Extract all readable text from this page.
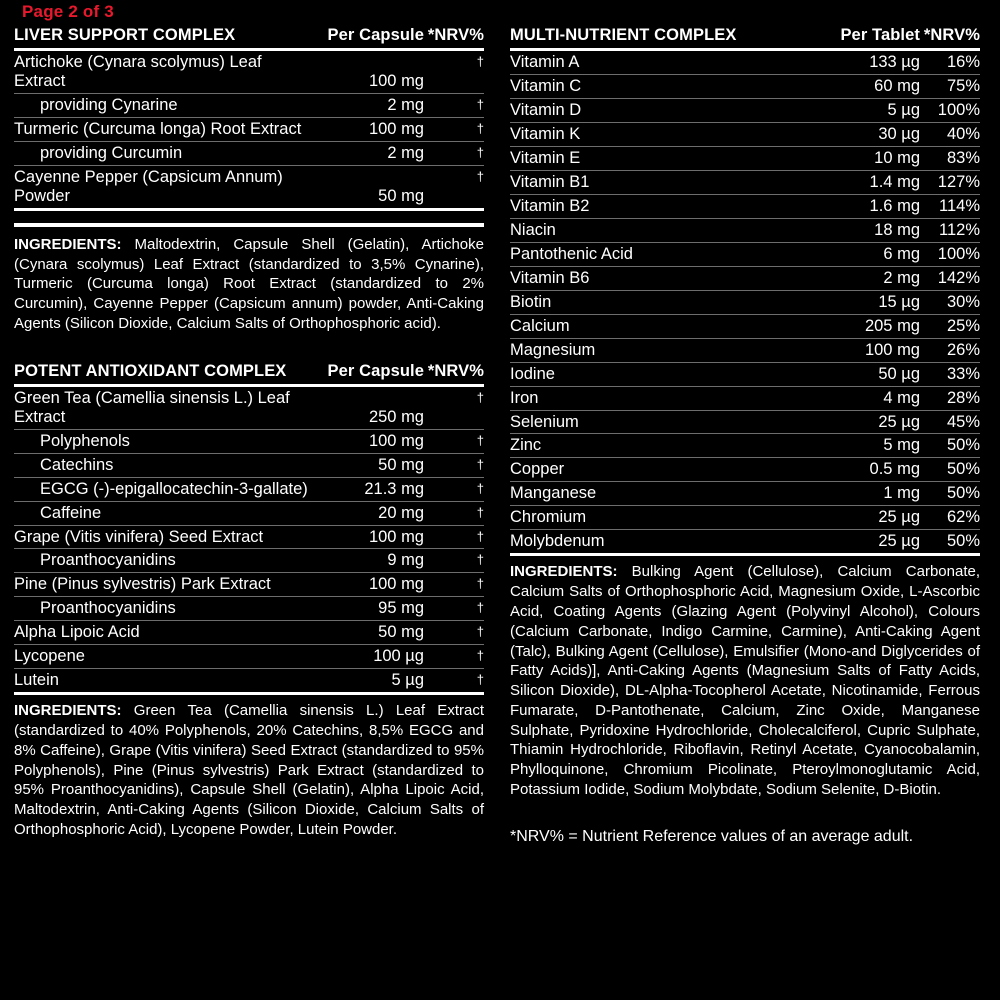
Page 2 of 3
LIVER SUPPORT COMPLEX	Per Capsule	*NRV%
Artichoke (Cynara scolymus) Leaf Extract	100 mg	†
providing Cynarine	2 mg	†
Turmeric (Curcuma longa) Root Extract	100 mg	†
providing Curcumin	2 mg	†
Cayenne Pepper (Capsicum Annum) Powder	50 mg	†

INGREDIENTS: Maltodextrin, Capsule Shell (Gelatin), Artichoke (Cynara scolymus) Leaf Extract (standardized to 3,5% Cynarine), Turmeric (Curcuma longa) Root Extract (standardized to 2% Curcumin), Cayenne Pepper (Capsicum annum) powder, Anti-Caking Agents (Silicon Dioxide, Calcium Salts of Orthophosphoric acid).

POTENT ANTIOXIDANT COMPLEX	Per Capsule	*NRV%
Green Tea (Camellia sinensis L.) Leaf Extract	250 mg	†
Polyphenols	100 mg	†
Catechins	50 mg	†
EGCG (-)-epigallocatechin-3-gallate)	21.3 mg	†
Caffeine	20 mg	†
Grape (Vitis vinifera) Seed Extract	100 mg	†
Proanthocyanidins	9 mg	†
Pine (Pinus sylvestris) Park Extract	100 mg	†
Proanthocyanidins	95 mg	†
Alpha Lipoic Acid	50 mg	†
Lycopene	100 µg	†
Lutein	5 µg	†

INGREDIENTS: Green Tea (Camellia sinensis L.) Leaf Extract (standardized to 40% Polyphenols, 20% Catechins, 8,5% EGCG and 8% Caffeine), Grape (Vitis vinifera) Seed Extract (standardized to 95% Polyphenols), Pine (Pinus sylvestris) Park Extract (standardized to 95% Proanthocyanidins), Capsule Shell (Gelatin), Alpha Lipoic Acid, Maltodextrin, Anti-Caking Agents (Silicon Dioxide, Calcium Salts of Orthophosphoric Acid), Lycopene Powder, Lutein Powder.

MULTI-NUTRIENT COMPLEX	Per Tablet	*NRV%
Vitamin A	133 µg	16%
Vitamin C	60 mg	75%
Vitamin D	5 µg	100%
Vitamin K	30 µg	40%
Vitamin E	10 mg	83%
Vitamin B1	1.4 mg	127%
Vitamin B2	1.6 mg	114%
Niacin	18 mg	112%
Pantothenic Acid	6 mg	100%
Vitamin B6	2 mg	142%
Biotin	15 µg	30%
Calcium	205 mg	25%
Magnesium	100 mg	26%
Iodine	50 µg	33%
Iron	4 mg	28%
Selenium	25 µg	45%
Zinc	5 mg	50%
Copper	0.5 mg	50%
Manganese	1 mg	50%
Chromium	25 µg	62%
Molybdenum	25 µg	50%

INGREDIENTS: Bulking Agent (Cellulose), Calcium Carbonate, Calcium Salts of Orthophosphoric Acid, Magnesium Oxide, L-Ascorbic Acid, Coating Agents (Glazing Agent (Polyvinyl Alcohol), Colours (Calcium Carbonate, Indigo Carmine, Carmine), Anti-Caking Agent (Talc), Bulking Agent (Cellulose), Emulsifier (Mono-and Diglycerides of Fatty Acids)], Anti-Caking Agents (Magnesium Salts of Fatty Acids, Silicon Dioxide), DL-Alpha-Tocopherol Acetate, Nicotinamide, Ferrous Fumarate, D-Pantothenate, Calcium, Zinc Oxide, Manganese Sulphate, Pyridoxine Hydrochloride, Cholecalciferol, Cupric Sulphate, Thiamin Hydrochloride, Riboflavin, Retinyl Acetate, Cyanocobalamin, Phylloquinone, Chromium Picolinate, Pteroylmonoglutamic Acid, Potassium Iodide, Sodium Molybdate, Sodium Selenite, D-Biotin.

*NRV% = Nutrient Reference values of an average adult.
